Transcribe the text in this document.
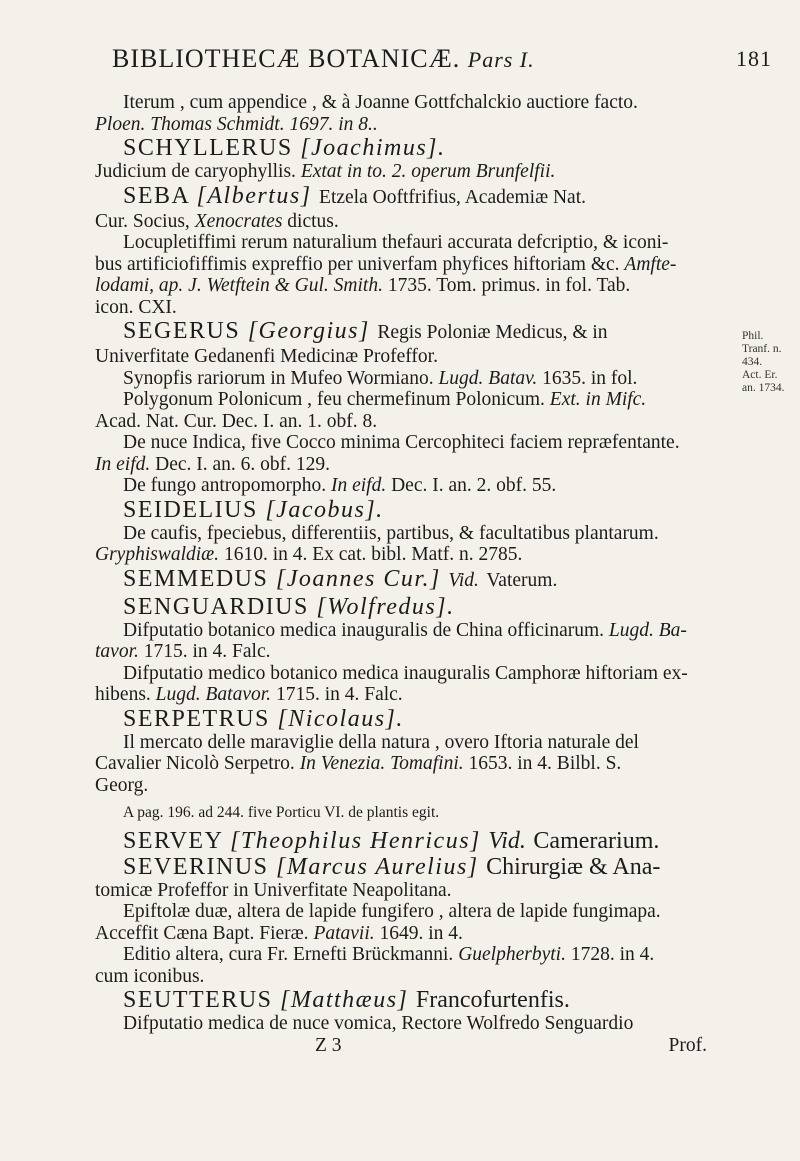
BIBLIOTHECÆ BOTANICÆ. Pars I.	181

Iterum , cum appendice , & à Joanne Gottfchalckio auctiore facto.

Ploen. Thomas Schmidt. 1697. in 8..

SCHYLLERUS [Joachimus].

Judicium de caryophyllis. Extat in to. 2. operum Brunfelfii.

SEBA [Albertus] Etzela Ooftfrifius, Academiæ Nat.

Cur. Socius, Xenocrates dictus.

Locupletiffimi rerum naturalium thefauri accurata defcriptio, & iconi-

bus artificiofiffimis expreffio per univerfam phyfices hiftoriam &c. Amfte-

lodami, ap. J. Wetftein & Gul. Smith. 1735. Tom. primus. in fol. Tab.

icon. CXI.

SEGERUS [Georgius] Regis Poloniæ Medicus, & in

Univerfitate Gedanenfi Medicinæ Profeffor.

Synopfis rariorum in Mufeo Wormiano. Lugd. Batav. 1635. in fol.

Polygonum Polonicum , feu chermefinum Polonicum. Ext. in Mifc.

Acad. Nat. Cur. Dec. I. an. 1. obf. 8.

De nuce Indica, five Cocco minima Cercophiteci faciem repræfentante.

In eifd. Dec. I. an. 6. obf. 129.

De fungo antropomorpho. In eifd. Dec. I. an. 2. obf. 55.

SEIDELIUS [Jacobus].

De caufis, fpeciebus, differentiis, partibus, & facultatibus plantarum.

Gryphiswaldiæ. 1610. in 4. Ex cat. bibl. Matf. n. 2785.

SEMMEDUS [Joannes Cur.] Vid. Vaterum.

SENGUARDIUS [Wolfredus].

Difputatio botanico medica inauguralis de China officinarum. Lugd. Ba-

tavor. 1715. in 4. Falc.

Difputatio medico botanico medica inauguralis Camphoræ hiftoriam ex-

hibens. Lugd. Batavor. 1715. in 4. Falc.

SERPETRUS [Nicolaus].

Il mercato delle maraviglie della natura , overo Iftoria naturale del

Cavalier Nicolò Serpetro. In Venezia. Tomafini. 1653. in 4. Bilbl. S.

Georg.

A pag. 196. ad 244. five Porticu VI. de plantis egit.

SERVEY [Theophilus Henricus] Vid. Camerarium.

SEVERINUS [Marcus Aurelius] Chirurgiæ & Ana-

tomicæ Profeffor in Univerfitate Neapolitana.

Epiftolæ duæ, altera de lapide fungifero , altera de lapide fungimapa.

Acceffit Cæna Bapt. Fieræ. Patavii. 1649. in 4.

Editio altera, cura Fr. Ernefti Brückmanni. Guelpherbyti. 1728. in 4.

cum iconibus.

SEUTTERUS [Matthæus] Francofurtenfis.

Difputatio medica de nuce vomica, Rectore Wolfredo Senguardio

Z 3	Prof.
Phil.
Tranf. n.
434.
Act. Er.
an. 1734.
